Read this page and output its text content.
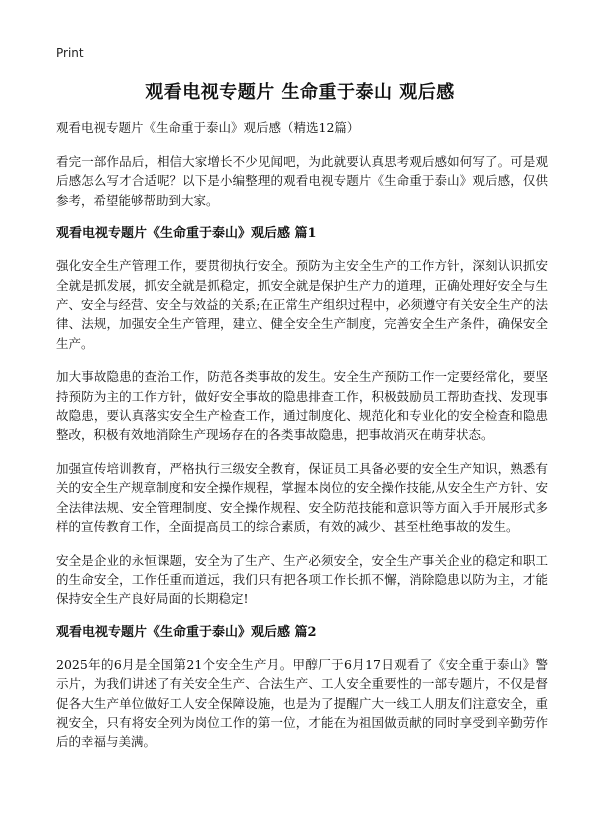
Print
观看电视专题片 生命重于泰山 观后感
观看电视专题片《生命重于泰山》观后感（精选12篇）

看完一部作品后，相信大家增长不少见闻吧，为此就要认真思考观后感如何写了。可是观后感怎么写才合适呢？以下是小编整理的观看电视专题片《生命重于泰山》观后感，仅供参考，希望能够帮助到大家。

观看电视专题片《生命重于泰山》观后感 篇1

强化安全生产管理工作，要贯彻执行安全。预防为主安全生产的工作方针，深刻认识抓安全就是抓发展，抓安全就是抓稳定，抓安全就是保护生产力的道理，正确处理好安全与生产、安全与经营、安全与效益的关系;在正常生产组织过程中，必须遵守有关安全生产的法律、法规，加强安全生产管理，建立、健全安全生产制度，完善安全生产条件，确保安全生产。

加大事故隐患的查治工作，防范各类事故的发生。安全生产预防工作一定要经常化，要坚持预防为主的工作方针，做好安全事故的隐患排查工作，积极鼓励员工帮助查找、发现事故隐患，要认真落实安全生产检查工作，通过制度化、规范化和专业化的安全检查和隐患整改，积极有效地消除生产现场存在的各类事故隐患，把事故消灭在萌芽状态。

加强宣传培训教育，严格执行三级安全教育，保证员工具备必要的安全生产知识，熟悉有关的安全生产规章制度和安全操作规程，掌握本岗位的安全操作技能,从安全生产方针、安全法律法规、安全管理制度、安全操作规程、安全防范技能和意识等方面入手开展形式多样的宣传教育工作，全面提高员工的综合素质，有效的减少、甚至杜绝事故的发生。

安全是企业的永恒课题，安全为了生产、生产必须安全，安全生产事关企业的稳定和职工的生命安全，工作任重而道远，我们只有把各项工作长抓不懈，消除隐患以防为主，才能保持安全生产良好局面的长期稳定!

观看电视专题片《生命重于泰山》观后感 篇2

2025年的6月是全国第21个安全生产月。甲醇厂于6月17日观看了《安全重于泰山》警示片，为我们讲述了有关安全生产、合法生产、工人安全重要性的一部专题片，不仅是督促各大生产单位做好工人安全保障设施，也是为了提醒广大一线工人朋友们注意安全，重视安全，只有将安全列为岗位工作的第一位，才能在为祖国做贡献的同时享受到辛勤劳作后的幸福与美满。
